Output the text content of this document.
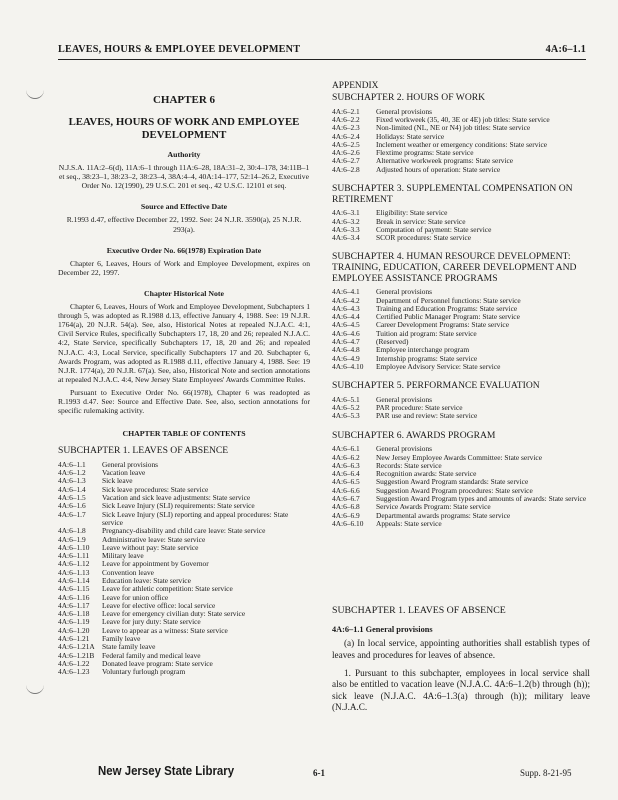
LEAVES, HOURS & EMPLOYEE DEVELOPMENT	4A:6–1.1
CHAPTER 6
LEAVES, HOURS OF WORK AND EMPLOYEE DEVELOPMENT
Authority
N.J.S.A. 11A:2–6(d), 11A:6–1 through 11A:6–28, 18A:31–2, 30:4–178, 34:11B–1 et seq., 38:23–1, 38:23–2, 38:23–4, 38A:4–4, 40A:14–177, 52:14–26.2, Executive Order No. 12(1990), 29 U.S.C. 201 et seq., 42 U.S.C. 12101 et seq.
Source and Effective Date
R.1993 d.47, effective December 22, 1992. See: 24 N.J.R. 3590(a), 25 N.J.R. 293(a).
Executive Order No. 66(1978) Expiration Date
Chapter 6, Leaves, Hours of Work and Employee Development, expires on December 22, 1997.
Chapter Historical Note
Chapter 6, Leaves, Hours of Work and Employee Development, Subchapters 1 through 5, was adopted as R.1988 d.13, effective January 4, 1988. See: 19 N.J.R. 1764(a), 20 N.J.R. 54(a). See, also, Historical Notes at repealed N.J.A.C. 4:1, Civil Service Rules, specifically Subchapters 17, 18, 20 and 26; repealed N.J.A.C. 4:2, State Service, specifically Subchapters 17, 18, 20 and 26; and repealed N.J.A.C. 4:3, Local Service, specifically Subchapters 17 and 20. Subchapter 6, Awards Program, was adopted as R.1988 d.11, effective January 4, 1988. See: 19 N.J.R. 1774(a), 20 N.J.R. 67(a). See, also, Historical Note and section annotations at repealed N.J.A.C. 4:4, New Jersey State Employees' Awards Committee Rules.
Pursuant to Executive Order No. 66(1978), Chapter 6 was readopted as R.1993 d.47. See: Source and Effective Date. See, also, section annotations for specific rulemaking activity.
CHAPTER TABLE OF CONTENTS
SUBCHAPTER 1. LEAVES OF ABSENCE
4A:6–1.1	General provisions
4A:6–1.2	Vacation leave
4A:6–1.3	Sick leave
4A:6–1.4	Sick leave procedures: State service
4A:6–1.5	Vacation and sick leave adjustments: State service
4A:6–1.6	Sick Leave Injury (SLI) requirements: State service
4A:6–1.7	Sick Leave Injury (SLI) reporting and appeal procedures: State service
4A:6–1.8	Pregnancy-disability and child care leave: State service
4A:6–1.9	Administrative leave: State service
4A:6–1.10	Leave without pay: State service
4A:6–1.11	Military leave
4A:6–1.12	Leave for appointment by Governor
4A:6–1.13	Convention leave
4A:6–1.14	Education leave: State service
4A:6–1.15	Leave for athletic competition: State service
4A:6–1.16	Leave for union office
4A:6–1.17	Leave for elective office: local service
4A:6–1.18	Leave for emergency civilian duty: State service
4A:6–1.19	Leave for jury duty: State service
4A:6–1.20	Leave to appear as a witness: State service
4A:6–1.21	Family leave
4A:6–1.21A State family leave
4A:6–1.21B	Federal family and medical leave
4A:6–1.22	Donated leave program: State service
4A:6–1.23	Voluntary furlough program
APPENDIX
SUBCHAPTER 2. HOURS OF WORK
4A:6–2.1	General provisions
4A:6–2.2	Fixed workweek (35, 40, 3E or 4E) job titles: State service
4A:6–2.3	Non-limited (NL, NE or N4) job titles: State service
4A:6–2.4	Holidays: State service
4A:6–2.5	Inclement weather or emergency conditions: State service
4A:6–2.6	Flextime programs: State service
4A:6–2.7	Alternative workweek programs: State service
4A:6–2.8	Adjusted hours of operation: State service
SUBCHAPTER 3. SUPPLEMENTAL COMPENSATION ON RETIREMENT
4A:6–3.1	Eligibility: State service
4A:6–3.2	Break in service: State service
4A:6–3.3	Computation of payment: State service
4A:6–3.4	SCOR procedures: State service
SUBCHAPTER 4. HUMAN RESOURCE DEVELOPMENT: TRAINING, EDUCATION, CAREER DEVELOPMENT AND EMPLOYEE ASSISTANCE PROGRAMS
4A:6–4.1	General provisions
4A:6–4.2	Department of Personnel functions: State service
4A:6–4.3	Training and Education Programs: State service
4A:6–4.4	Certified Public Manager Program: State service
4A:6–4.5	Career Development Programs: State service
4A:6–4.6	Tuition aid program: State service
4A:6–4.7	(Reserved)
4A:6–4.8	Employee interchange program
4A:6–4.9	Internship programs: State service
4A:6–4.10	Employee Advisory Service: State service
SUBCHAPTER 5. PERFORMANCE EVALUATION
4A:6–5.1	General provisions
4A:6–5.2	PAR procedure: State service
4A:6–5.3	PAR use and review: State service
SUBCHAPTER 6. AWARDS PROGRAM
4A:6–6.1	General provisions
4A:6–6.2	New Jersey Employee Awards Committee: State service
4A:6–6.3	Records: State service
4A:6–6.4	Recognition awards: State service
4A:6–6.5	Suggestion Award Program standards: State service
4A:6–6.6	Suggestion Award Program procedures: State service
4A:6–6.7	Suggestion Award Program types and amounts of awards: State service
4A:6–6.8	Service Awards Program: State service
4A:6–6.9	Departmental awards programs: State service
4A:6–6.10	Appeals: State service
SUBCHAPTER 1. LEAVES OF ABSENCE
4A:6–1.1 General provisions
(a) In local service, appointing authorities shall establish types of leaves and procedures for leaves of absence.
1. Pursuant to this subchapter, employees in local service shall also be entitled to vacation leave (N.J.A.C. 4A:6–1.2(b) through (h)); sick leave (N.J.A.C. 4A:6–1.3(a) through (h)); military leave (N.J.A.C.
New Jersey State Library	6-1	Supp. 8-21-95
